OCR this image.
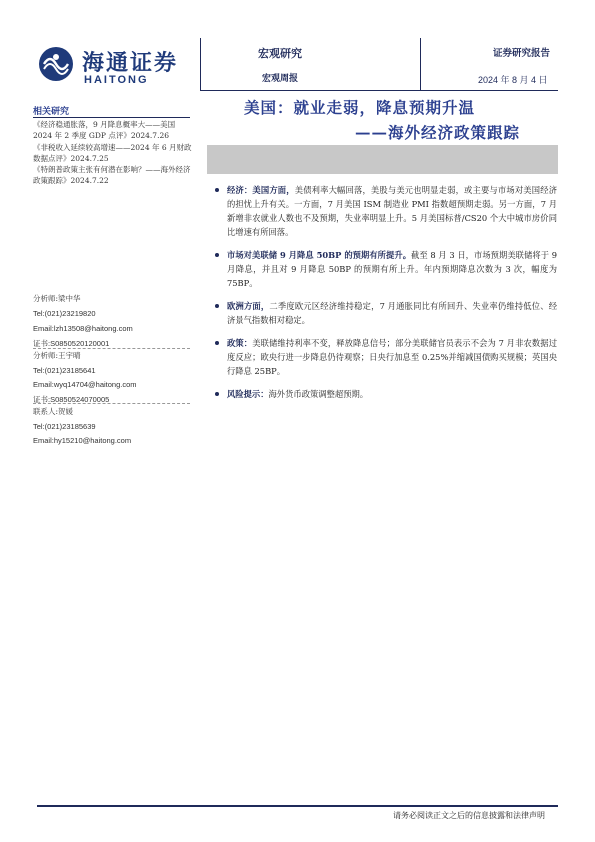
海通证券
HAITONG
宏观研究
宏观周报
证券研究报告
2024 年 8 月 4 日
美国：就业走弱，降息预期升温
——海外经济政策跟踪
相关研究
《经济稳通胀落，9 月降息概率大——美国 2024 年 2 季度 GDP 点评》2024.7.26
《非税收入延续较高增速——2024 年 6 月财政数据点评》2024.7.25
《特朗普政策主张有何潜在影响？——海外经济政策跟踪》2024.7.22
分析师:梁中华
Tel:(021)23219820
Email:lzh13508@haitong.com
证书:S0850520120001
分析师:王宇晴
Tel:(021)23185641
Email:wyq14704@haitong.com
证书:S0850524070005
联系人:贺媛
Tel:(021)23185639
Email:hy15210@haitong.com
经济：美国方面，美债利率大幅回落，美股与美元也明显走弱，或主要与市场对美国经济的担忧上升有关。一方面，7 月美国 ISM 制造业 PMI 指数超预期走弱。另一方面，7 月新增非农就业人数也不及预期，失业率明显上升。5 月美国标普/CS20 个大中城市房价同比增速有所回落。
市场对美联储 9 月降息 50BP 的预期有所提升。截至 8 月 3 日，市场预期美联储将于 9 月降息，并且对 9 月降息 50BP 的预期有所上升。年内预期降息次数为 3 次，幅度为 75BP。
欧洲方面，二季度欧元区经济维持稳定，7 月通胀同比有所回升、失业率仍维持低位、经济景气指数相对稳定。
政策：美联储维持利率不变，释放降息信号；部分美联储官员表示不会为 7 月非农数据过度反应；欧央行进一步降息仍待观察；日央行加息至 0.25%并缩减国债购买规模；英国央行降息 25BP。
风险提示：海外货币政策调整超预期。
请务必阅读正文之后的信息披露和法律声明
